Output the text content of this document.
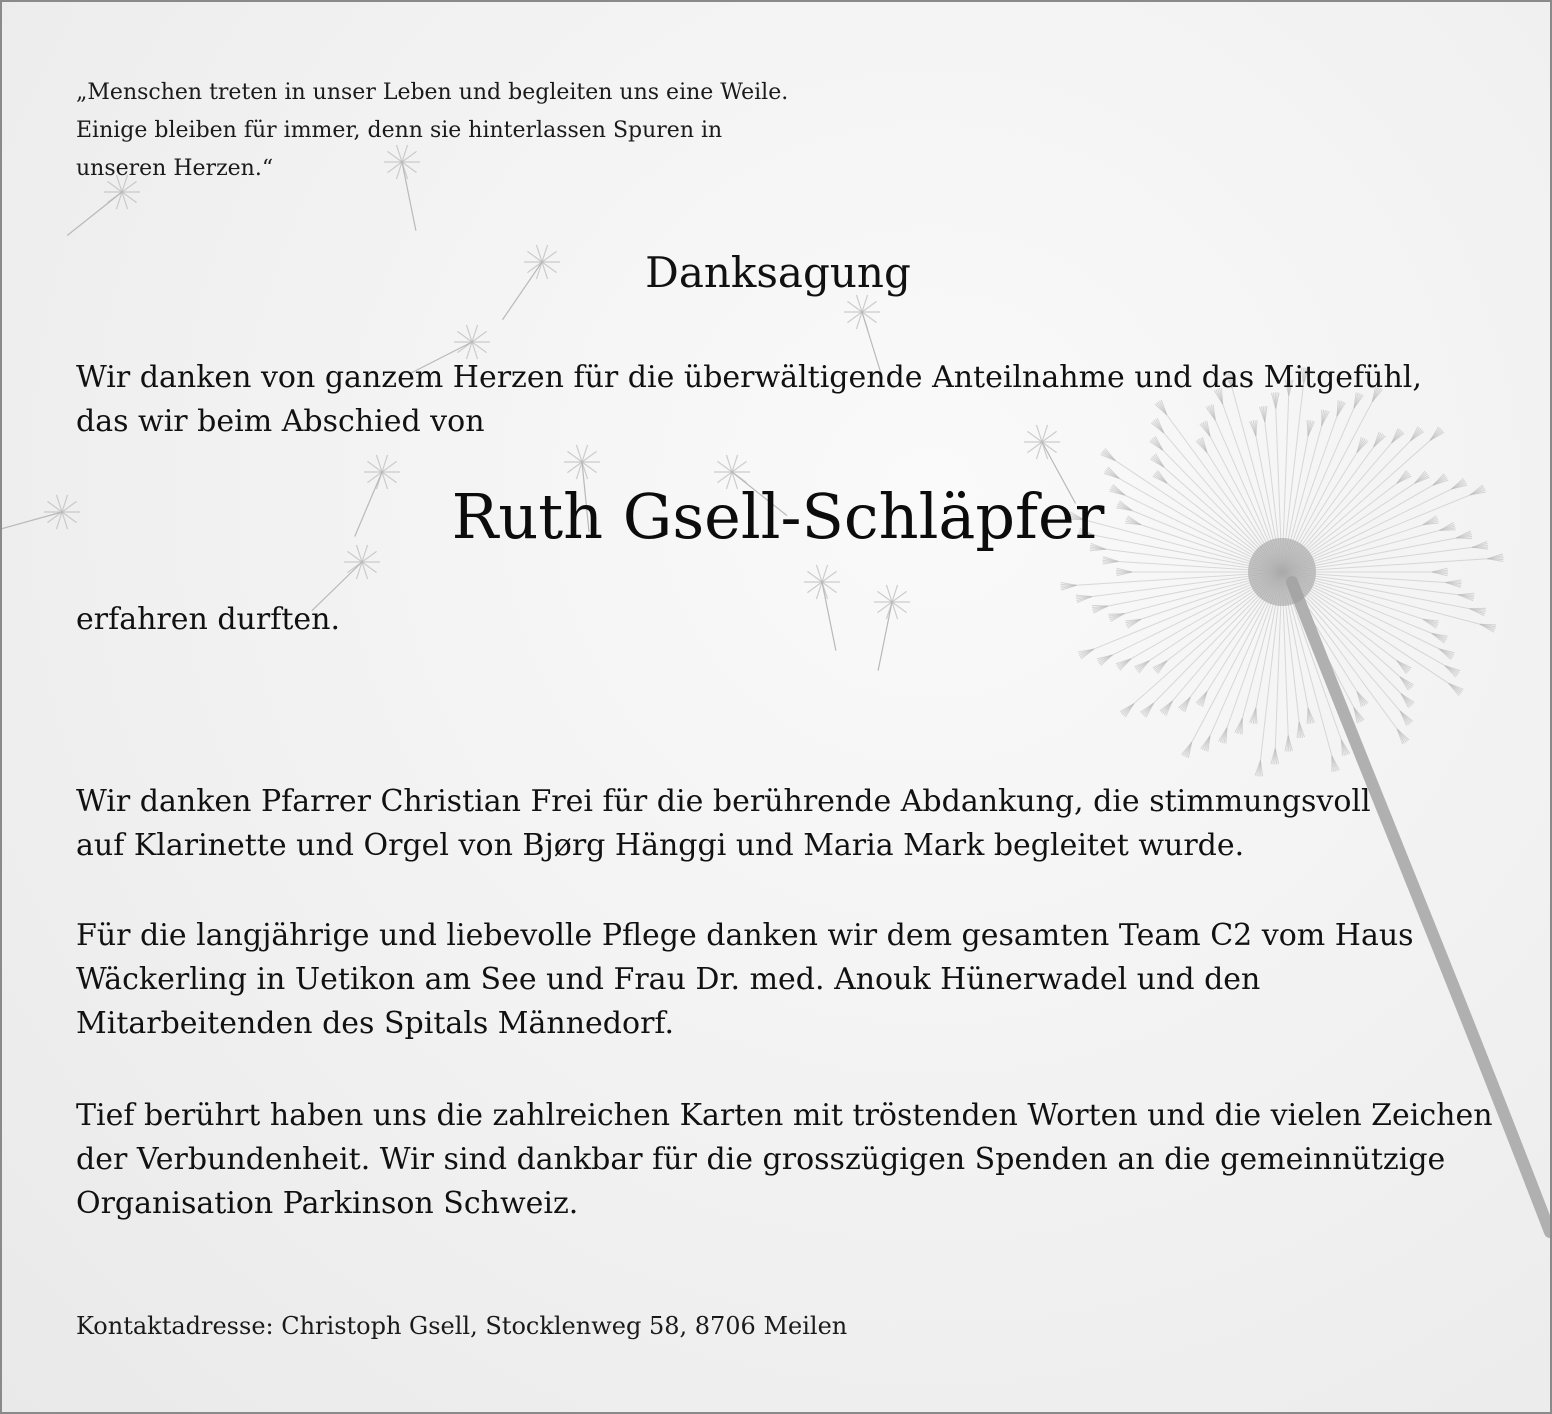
„Menschen treten in unser Leben und begleiten uns eine Weile.
Einige bleiben für immer, denn sie hinterlassen Spuren in
unseren Herzen.“
Danksagung
Wir danken von ganzem Herzen für die überwältigende Anteilnahme und das Mitgefühl,
das wir beim Abschied von
Ruth Gsell-Schläpfer
erfahren durften.
Wir danken Pfarrer Christian Frei für die berührende Abdankung, die stimmungsvoll
auf Klarinette und Orgel von Bjørg Hänggi und Maria Mark begleitet wurde.
Für die langjährige und liebevolle Pflege danken wir dem gesamten Team C2 vom Haus
Wäckerling in Uetikon am See und Frau Dr. med. Anouk Hünerwadel und den
Mitarbeitenden des Spitals Männedorf.
Tief berührt haben uns die zahlreichen Karten mit tröstenden Worten und die vielen Zeichen
der Verbundenheit. Wir sind dankbar für die grosszügigen Spenden an die gemeinnützige
Organisation Parkinson Schweiz.
Kontaktadresse: Christoph Gsell, Stocklenweg 58, 8706 Meilen
